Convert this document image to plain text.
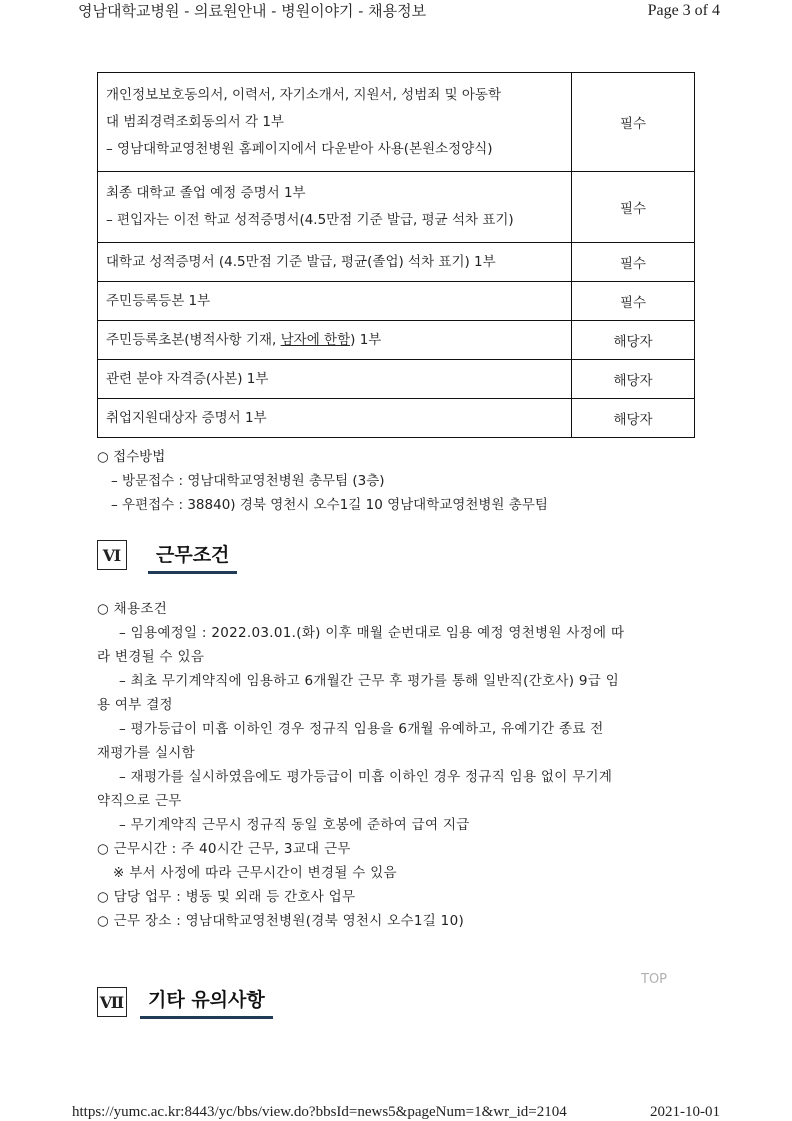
영남대학교병원 - 의료원안내 - 병원이야기 - 채용정보	Page 3 of 4
개인정보보호동의서, 이력서, 자기소개서, 지원서, 성범죄 및 아동학
대 범죄경력조회동의서 각 1부
– 영남대학교영천병원 홈페이지에서 다운받아 사용(본원소정양식)	필수

최종 대학교 졸업 예정 증명서 1부
– 편입자는 이전 학교 성적증명서(4.5만점 기준 발급, 평균 석차 표기)	필수
대학교 성적증명서 (4.5만점 기준 발급, 평균(졸업) 석차 표기) 1부	필수
주민등록등본 1부	필수
주민등록초본(병적사항 기재, 남자에 한함) 1부	해당자
관련 분야 자격증(사본) 1부	해당자
취업지원대상자 증명서 1부	해당자
○ 접수방법
– 방문접수 : 영남대학교영천병원 총무팀 (3층)
– 우편접수 : 38840) 경북 영천시 오수1길 10 영남대학교영천병원 총무팀
Ⅵ	근무조건
○ 채용조건
– 임용예정일 : 2022.03.01.(화) 이후 매월 순번대로 임용 예정 영천병원 사정에 따
라 변경될 수 있음
– 최초 무기계약직에 임용하고 6개월간 근무 후 평가를 통해 일반직(간호사) 9급 임
용 여부 결정
– 평가등급이 미흡 이하인 경우 정규직 임용을 6개월 유예하고, 유예기간 종료 전
재평가를 실시함
– 재평가를 실시하였음에도 평가등급이 미흡 이하인 경우 정규직 임용 없이 무기계
약직으로 근무
– 무기계약직 근무시 정규직 동일 호봉에 준하여 급여 지급
○ 근무시간 : 주 40시간 근무, 3교대 근무
※ 부서 사정에 따라 근무시간이 변경될 수 있음
○ 담당 업무 : 병동 및 외래 등 간호사 업무
○ 근무 장소 : 영남대학교영천병원(경북 영천시 오수1길 10)
TOP
Ⅶ	기타 유의사항
https://yumc.ac.kr:8443/yc/bbs/view.do?bbsId=news5&pageNum=1&wr_id=2104	2021-10-01
